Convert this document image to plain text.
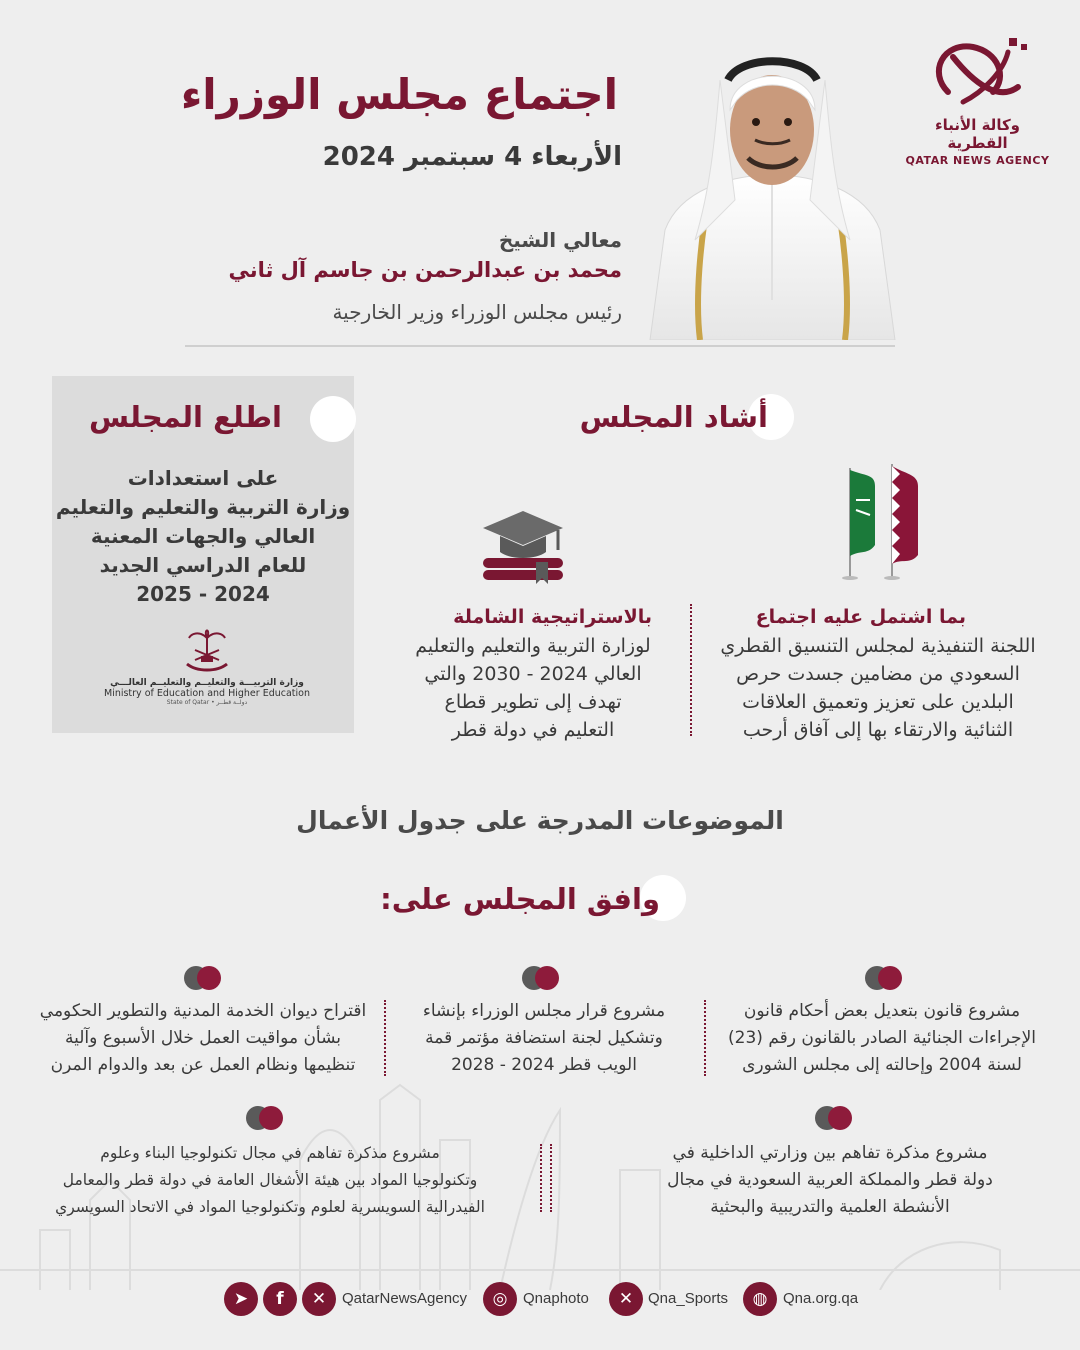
وكالة الأنباء القطرية
QATAR NEWS AGENCY
اجتماع مجلس الوزراء
الأربعاء 4 سبتمبر 2024
معالي الشيخ
محمد بن عبدالرحمن بن جاسم آل ثاني
رئيس مجلس الوزراء وزير الخارجية
اطلع المجلس
على استعدادات
وزارة التربية والتعليم والتعليم
العالي والجهات المعنية
للعام الدراسي الجديد
2024 - 2025
وزارة التربيـــة والتعليــم والتعليــم العالـــي
Ministry of Education and Higher Education
State of Qatar • دولــة قطــر
أشاد المجلس
بما اشتمل عليه اجتماع
اللجنة التنفيذية لمجلس التنسيق القطري
السعودي من مضامين جسدت حرص
البلدين على تعزيز وتعميق العلاقات
الثنائية والارتقاء بها إلى آفاق أرحب
بالاستراتيجية الشاملة
لوزارة التربية والتعليم والتعليم
العالي 2024 - 2030 والتي
تهدف إلى تطوير قطاع
التعليم في دولة قطر
الموضوعات المدرجة على جدول الأعمال
وافق المجلس على:
مشروع قانون بتعديل بعض أحكام قانون
الإجراءات الجنائية الصادر بالقانون رقم (23)
لسنة 2004 وإحالته إلى مجلس الشورى
مشروع قرار مجلس الوزراء بإنشاء
وتشكيل لجنة استضافة مؤتمر قمة
الويب قطر 2024 - 2028
اقتراح ديوان الخدمة المدنية والتطوير الحكومي
بشأن مواقيت العمل خلال الأسبوع وآلية
تنظيمها ونظام العمل عن بعد والدوام المرن
مشروع مذكرة تفاهم بين وزارتي الداخلية في
دولة قطر والمملكة العربية السعودية في مجال
الأنشطة العلمية والتدريبية والبحثية
مشروع مذكرة تفاهم في مجال تكنولوجيا البناء وعلوم
وتكنولوجيا المواد بين هيئة الأشغال العامة في دولة قطر والمعامل
الفيدرالية السويسرية لعلوم وتكنولوجيا المواد في الاتحاد السويسري
➤	f	✕	QatarNewsAgency	◎	Qnaphoto	✕ Qna_Sports	◍	Qna.org.qa
